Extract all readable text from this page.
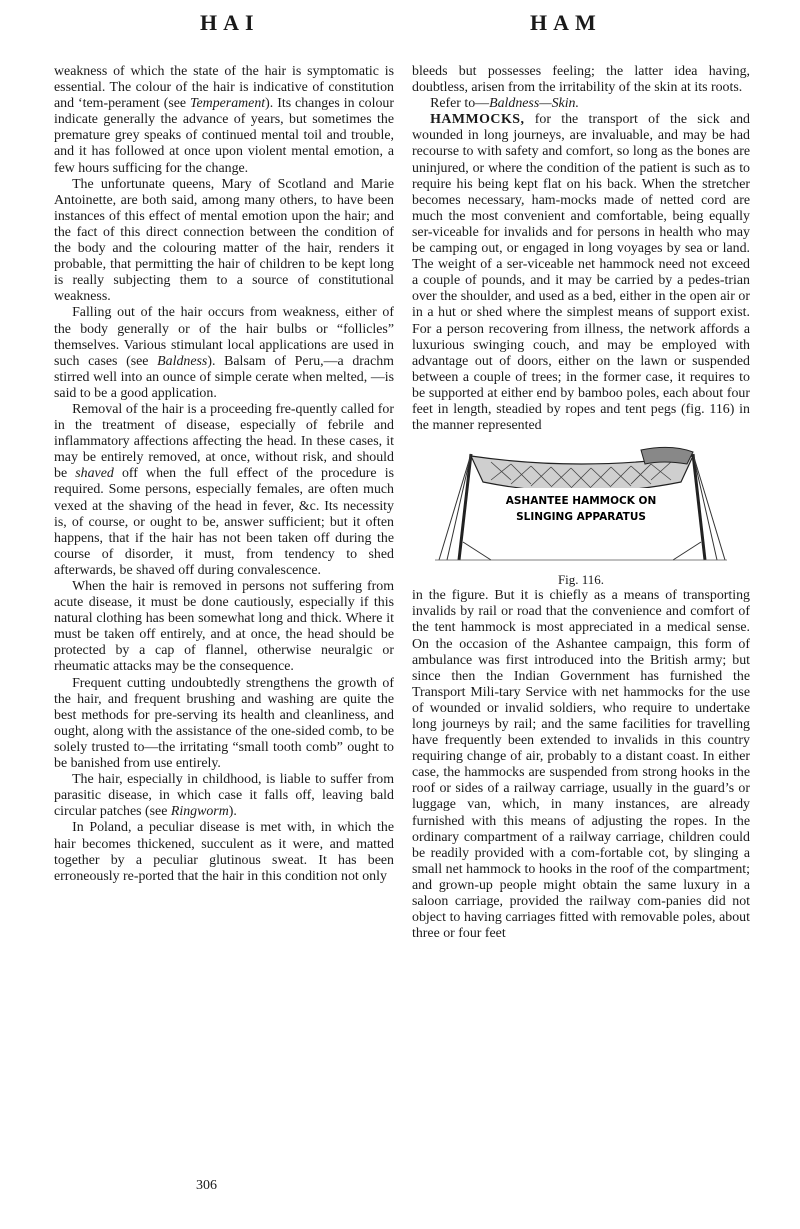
HAI	HAM

weakness of which the state of the hair is symptomatic is essential. The colour of the hair is indicative of constitution and ‘tem-perament (see Temperament). Its changes in colour indicate generally the advance of years, but sometimes the premature grey speaks of continued mental toil and trouble, and it has followed at once upon violent mental emotion, a few hours sufficing for the change.

The unfortunate queens, Mary of Scotland and Marie Antoinette, are both said, among many others, to have been instances of this effect of mental emotion upon the hair; and the fact of this direct connection between the condition of the body and the colouring matter of the hair, renders it probable, that permitting the hair of children to be kept long is really subjecting them to a source of constitutional weakness.

Falling out of the hair occurs from weakness, either of the body generally or of the hair bulbs or “follicles” themselves. Various stimulant local applications are used in such cases (see Baldness). Balsam of Peru,—a drachm stirred well into an ounce of simple cerate when melted, —is said to be a good application.

Removal of the hair is a proceeding fre-quently called for in the treatment of disease, especially of febrile and inflammatory affections affecting the head. In these cases, it may be entirely removed, at once, without risk, and should be shaved off when the full effect of the procedure is required. Some persons, especially females, are often much vexed at the shaving of the head in fever, &c. Its necessity is, of course, or ought to be, answer sufficient; but it often happens, that if the hair has not been taken off during the course of disorder, it must, from tendency to shed afterwards, be shaved off during convalescence.

When the hair is removed in persons not suffering from acute disease, it must be done cautiously, especially if this natural clothing has been somewhat long and thick. Where it must be taken off entirely, and at once, the head should be protected by a cap of flannel, otherwise neuralgic or rheumatic attacks may be the consequence.

Frequent cutting undoubtedly strengthens the growth of the hair, and frequent brushing and washing are quite the best methods for pre-serving its health and cleanliness, and ought, along with the assistance of the one-sided comb, to be solely trusted to—the irritating “small tooth comb” ought to be banished from use entirely.

The hair, especially in childhood, is liable to suffer from parasitic disease, in which case it falls off, leaving bald circular patches (see Ringworm).

In Poland, a peculiar disease is met with, in which the hair becomes thickened, succulent as it were, and matted together by a peculiar glutinous sweat. It has been erroneously re-ported that the hair in this condition not only

bleeds but possesses feeling; the latter idea having, doubtless, arisen from the irritability of the skin at its roots.

Refer to—Baldness—Skin.

HAMMOCKS, for the transport of the sick and wounded in long journeys, are invaluable, and may be had recourse to with safety and comfort, so long as the bones are uninjured, or where the condition of the patient is such as to require his being kept flat on his back. When the stretcher becomes necessary, ham-mocks made of netted cord are much the most convenient and comfortable, being equally ser-viceable for invalids and for persons in health who may be camping out, or engaged in long voyages by sea or land. The weight of a ser-viceable net hammock need not exceed a couple of pounds, and it may be carried by a pedes-trian over the shoulder, and used as a bed, either in the open air or in a hut or shed where the simplest means of support exist. For a person recovering from illness, the network affords a luxurious swinging couch, and may be employed with advantage out of doors, either on the lawn or suspended between a couple of trees; in the former case, it requires to be supported at either end by bamboo poles, each about four feet in length, steadied by ropes and tent pegs (fig. 116) in the manner represented

ASHANTEE HAMMOCK ON
SLINGING APPARATUS

Fig. 116.

in the figure. But it is chiefly as a means of transporting invalids by rail or road that the convenience and comfort of the tent hammock is most appreciated in a medical sense. On the occasion of the Ashantee campaign, this form of ambulance was first introduced into the British army; but since then the Indian Government has furnished the Transport Mili-tary Service with net hammocks for the use of wounded or invalid soldiers, who require to undertake long journeys by rail; and the same facilities for travelling have frequently been extended to invalids in this country requiring change of air, probably to a distant coast. In either case, the hammocks are suspended from strong hooks in the roof or sides of a railway carriage, usually in the guard’s or luggage van, which, in many instances, are already furnished with this means of adjusting the ropes. In the ordinary compartment of a railway carriage, children could be readily provided with a com-fortable cot, by slinging a small net hammock to hooks in the roof of the compartment; and grown-up people might obtain the same luxury in a saloon carriage, provided the railway com-panies did not object to having carriages fitted with removable poles, about three or four feet

306
